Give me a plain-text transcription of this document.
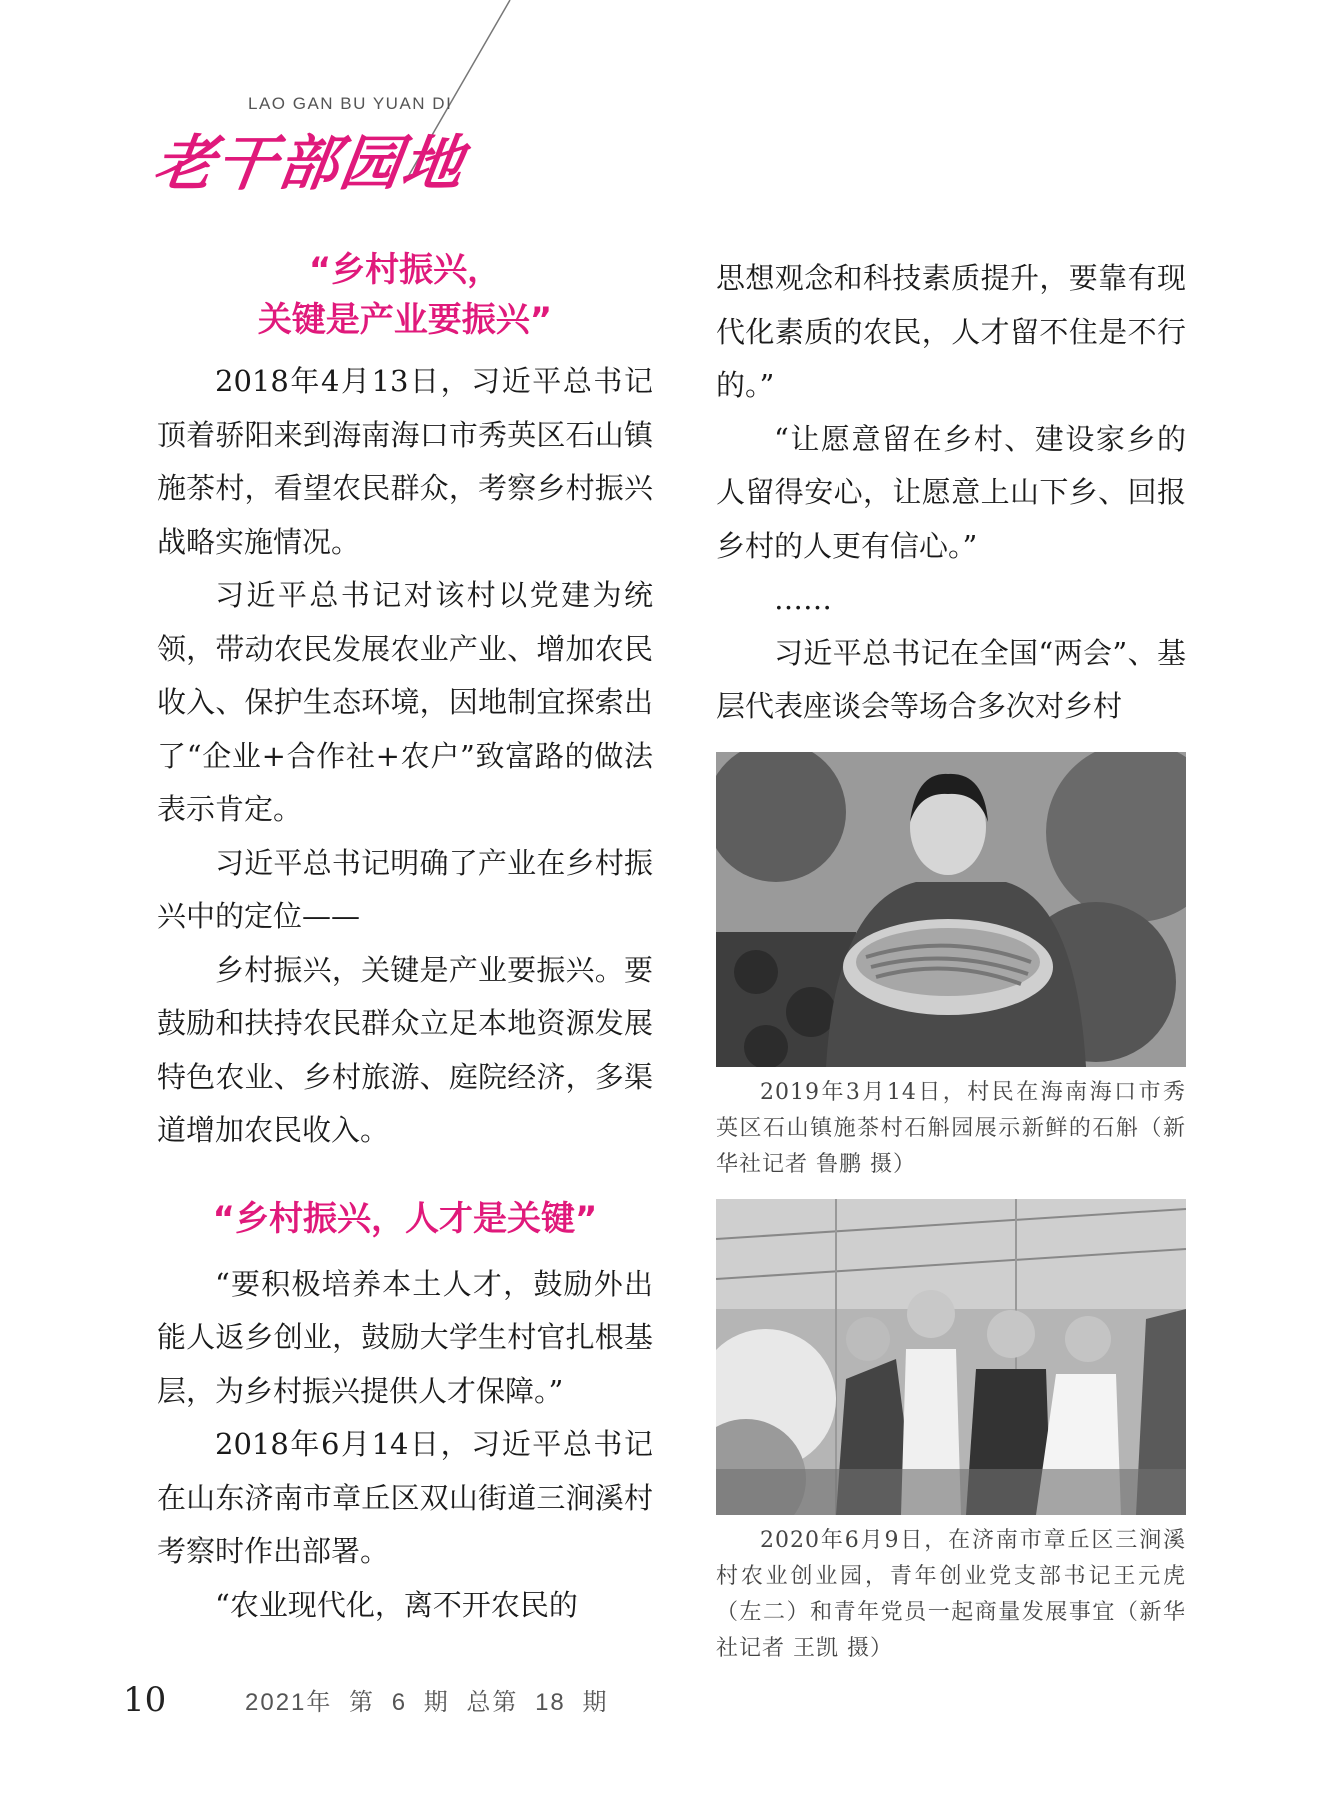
LAO GAN BU YUAN DI
老干部园地
“乡村振兴，
关键是产业要振兴”

2018年4月13日，习近平总书记顶着骄阳来到海南海口市秀英区石山镇施茶村，看望农民群众，考察乡村振兴战略实施情况。

习近平总书记对该村以党建为统领，带动农民发展农业产业、增加农民收入、保护生态环境，因地制宜探索出了“企业+合作社+农户”致富路的做法表示肯定。

习近平总书记明确了产业在乡村振兴中的定位——

乡村振兴，关键是产业要振兴。要鼓励和扶持农民群众立足本地资源发展特色农业、乡村旅游、庭院经济，多渠道增加农民收入。

“乡村振兴，人才是关键”

“要积极培养本土人才，鼓励外出能人返乡创业，鼓励大学生村官扎根基层，为乡村振兴提供人才保障。”

2018年6月14日，习近平总书记在山东济南市章丘区双山街道三涧溪村考察时作出部署。

“农业现代化，离不开农民的

思想观念和科技素质提升，要靠有现代化素质的农民，人才留不住是不行的。”

“让愿意留在乡村、建设家乡的人留得安心，让愿意上山下乡、回报乡村的人更有信心。”

……

习近平总书记在全国“两会”、基层代表座谈会等场合多次对乡村

2019年3月14日，村民在海南海口市秀英区石山镇施茶村石斛园展示新鲜的石斛（新华社记者 鲁鹏 摄）

2020年6月9日，在济南市章丘区三涧溪村农业创业园，青年创业党支部书记王元虎（左二）和青年党员一起商量发展事宜（新华社记者 王凯 摄）

10	2021年 第 6 期 总第 18 期
